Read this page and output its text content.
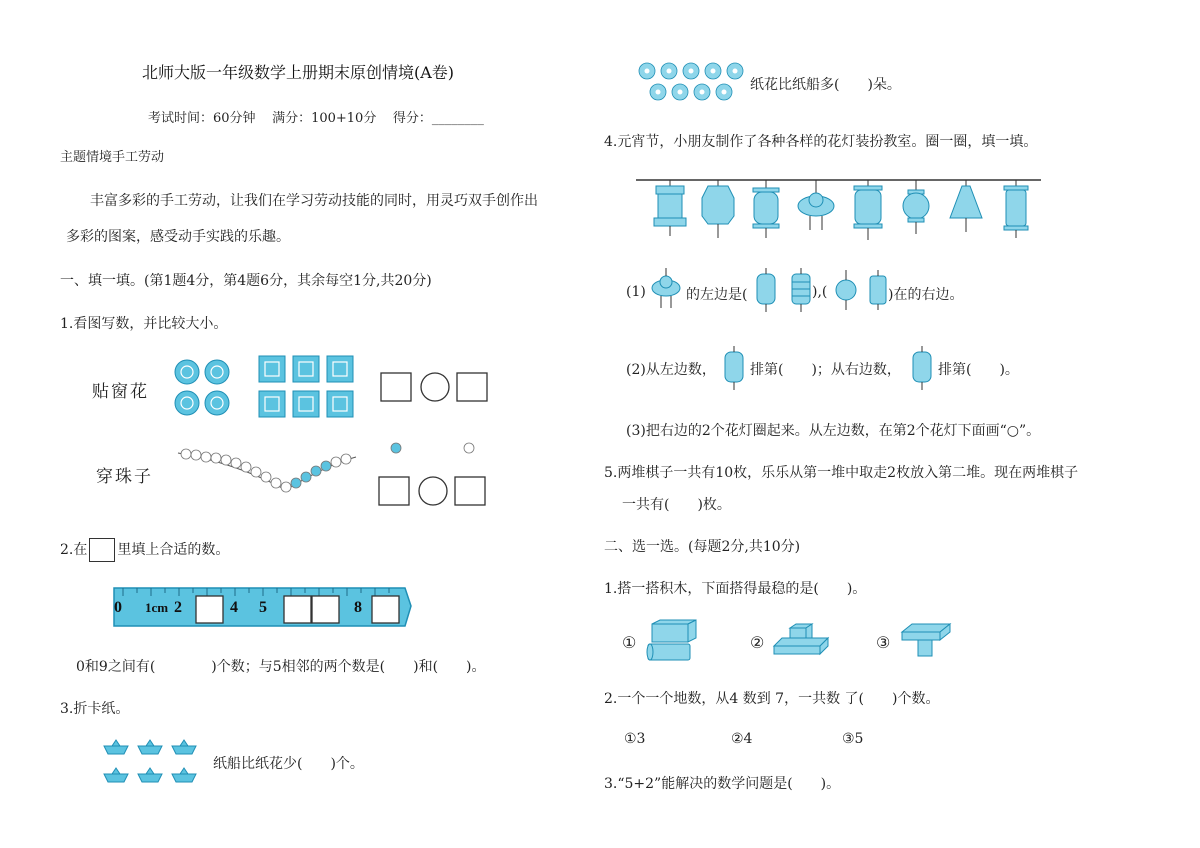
北师大版一年级数学上册期末原创情境(A卷)
考试时间：60分钟 满分：100+10分 得分：________
主题情境手工劳动
丰富多彩的手工劳动，让我们在学习劳动技能的同时，用灵巧双手创作出
多彩的图案，感受动手实践的乐趣。
一、填一填。(第1题4分，第4题6分，其余每空1分,共20分)
1.看图写数，并比较大小。
贴窗花
穿珠子
2.在 里填上合适的数。
0 1cm 2	4 5	8
0和9之间有(　　　　)个数；与5相邻的两个数是(　　)和(　　)。
3.折卡纸。
纸船比纸花少(　　)个。
纸花比纸船多(　　)朵。
4.元宵节，小朋友制作了各种各样的花灯装扮教室。圈一圈，填一填。
(1)	的左边是(	),(	)在的右边。
(2)从左边数， 排第(　　)；从右边数，	排第(　　)。
(3)把右边的2个花灯圈起来。从左边数，在第2个花灯下面画“○”。
5.两堆棋子一共有10枚，乐乐从第一堆中取走2枚放入第二堆。现在两堆棋子
一共有(　　)枚。
二、选一选。(每题2分,共10分)
1.搭一搭积木，下面搭得最稳的是(　　)。
①	②	③
2.一个一个地数，从4 数到 7，一共数 了(　　)个数。
①3	②4	③5
3.“5+2”能解决的数学问题是(　　)。
